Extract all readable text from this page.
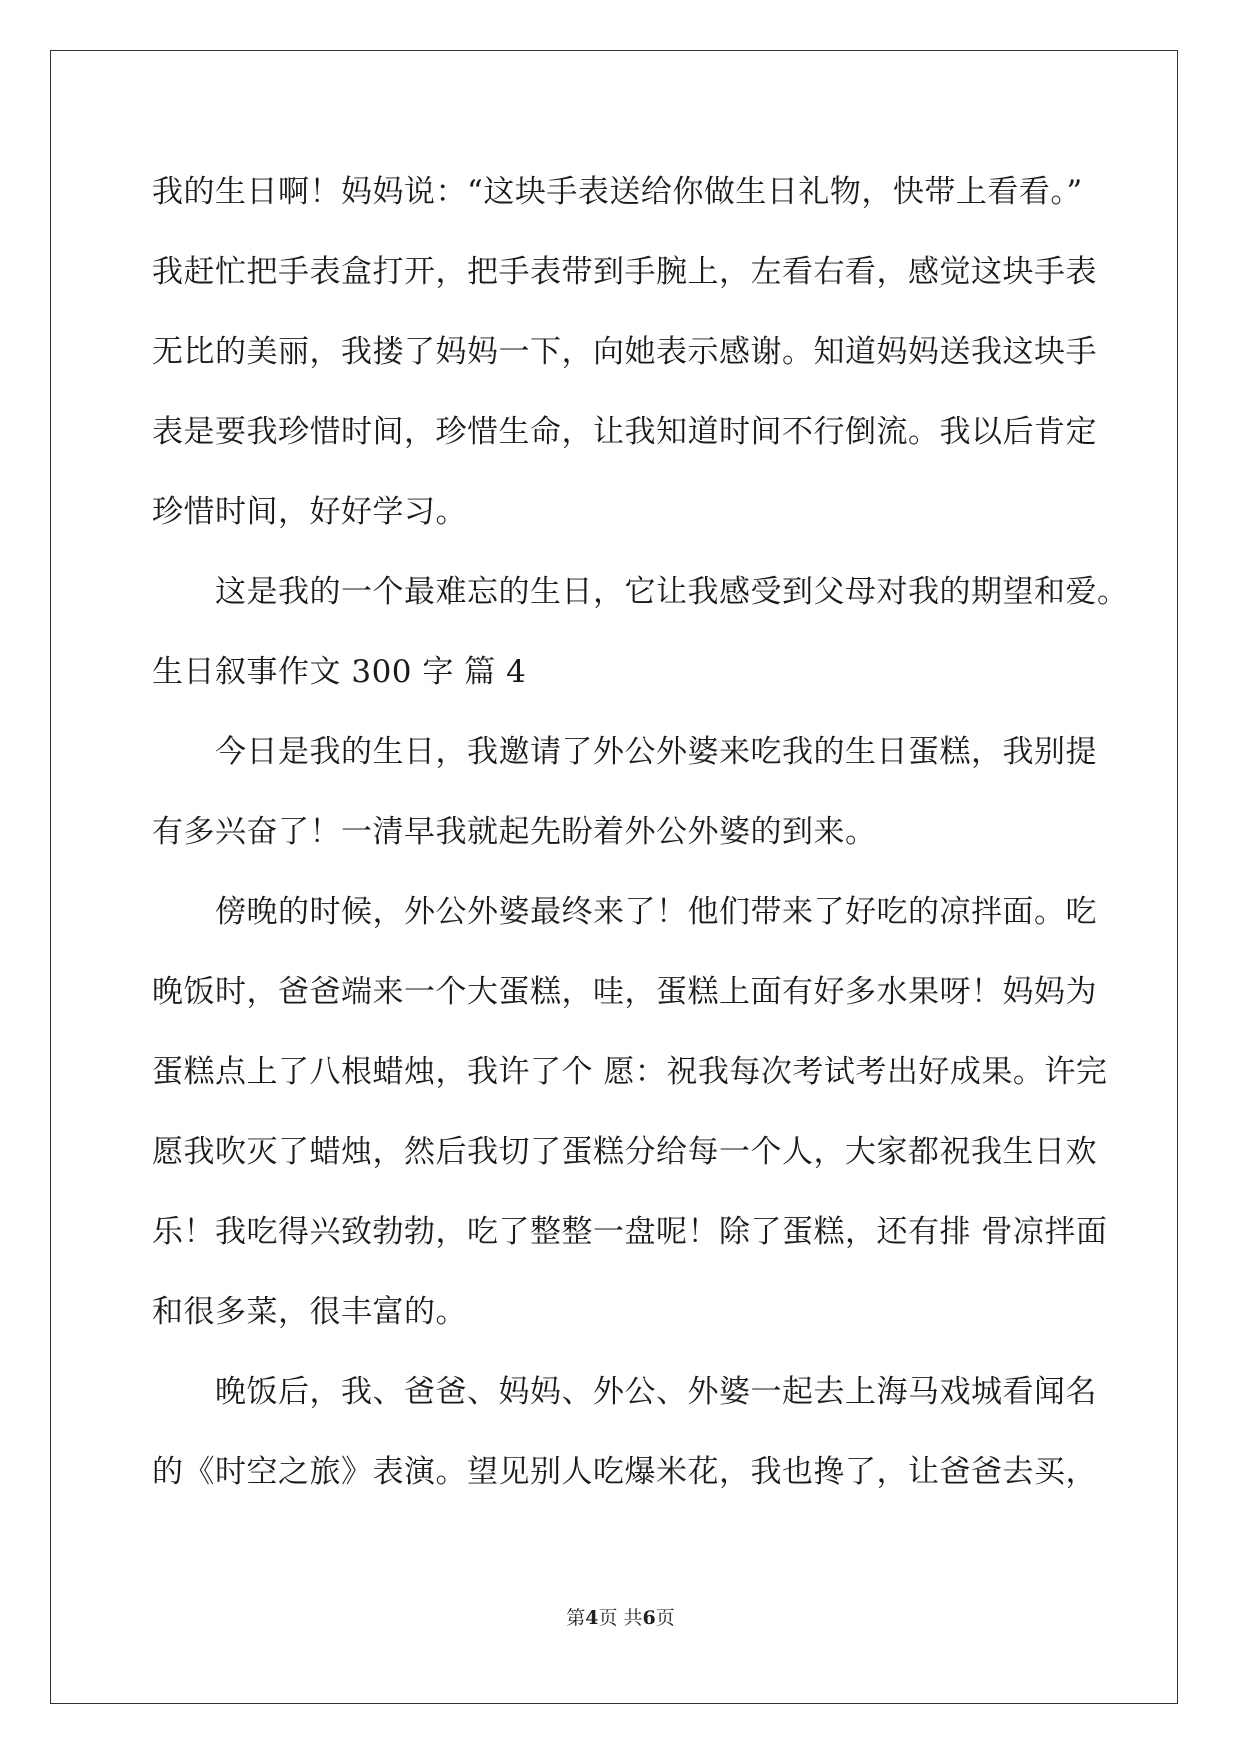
我的生日啊！妈妈说：“这块手表送给你做生日礼物，快带上看看。”
我赶忙把手表盒打开，把手表带到手腕上，左看右看，感觉这块手表
无比的美丽，我搂了妈妈一下，向她表示感谢。知道妈妈送我这块手
表是要我珍惜时间，珍惜生命，让我知道时间不行倒流。我以后肯定
珍惜时间，好好学习。
　　这是我的一个最难忘的生日，它让我感受到父母对我的期望和爱。
生日叙事作文 300 字 篇 4
　　今日是我的生日，我邀请了外公外婆来吃我的生日蛋糕，我别提
有多兴奋了！一清早我就起先盼着外公外婆的到来。
　　傍晚的时候，外公外婆最终来了！他们带来了好吃的凉拌面。吃
晚饭时，爸爸端来一个大蛋糕，哇，蛋糕上面有好多水果呀！妈妈为
蛋糕点上了八根蜡烛，我许了个 愿：祝我每次考试考出好成果。许完
愿我吹灭了蜡烛，然后我切了蛋糕分给每一个人，大家都祝我生日欢
乐！我吃得兴致勃勃，吃了整整一盘呢！除了蛋糕，还有排 骨凉拌面
和很多菜，很丰富的。
　　晚饭后，我、爸爸、妈妈、外公、外婆一起去上海马戏城看闻名
的《时空之旅》表演。望见别人吃爆米花，我也搀了，让爸爸去买，
第4页 共6页
